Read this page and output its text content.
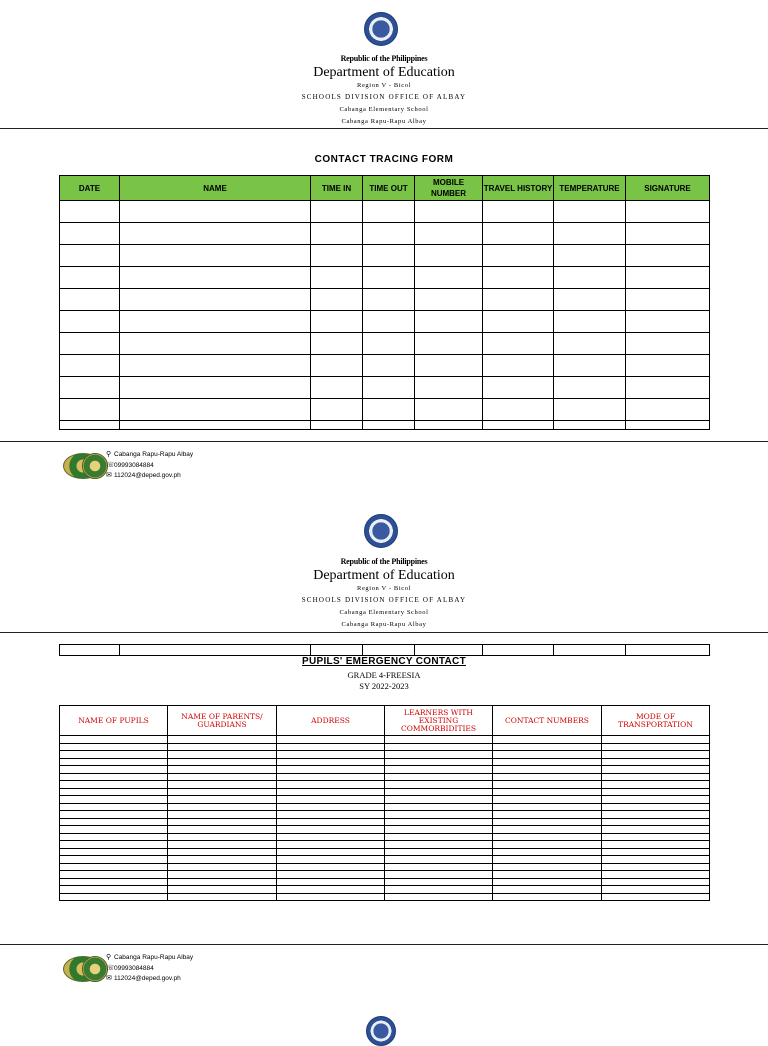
Republic of the Philippines
Department of Education
Region V - Bicol
SCHOOLS DIVISION OFFICE OF ALBAY
Cabanga Elementary School
Cabanga Rapu-Rapu Albay
CONTACT TRACING FORM
DATE	NAME	TIME IN	TIME OUT	MOBILE NUMBER	TRAVEL HISTORY	TEMPERATURE	SIGNATURE

⚲ Cabanga Rapu-Rapu Albay
☏09993084884
✉ 112024@deped.gov.ph
Republic of the Philippines
Department of Education
Region V - Bicol
SCHOOLS DIVISION OFFICE OF ALBAY
Cabanga Elementary School
Cabanga Rapu-Rapu Albay

PUPILS' EMERGENCY CONTACT
GRADE 4-FREESIA
SY 2022-2023
NAME OF PUPILS	NAME OF PARENTS/ GUARDIANS	ADDRESS	LEARNERS WITH EXISTING COMMORBIDITIES	CONTACT NUMBERS	MODE OF TRANSPORTATION

⚲ Cabanga Rapu-Rapu Albay
☏09993084884
✉ 112024@deped.gov.ph
